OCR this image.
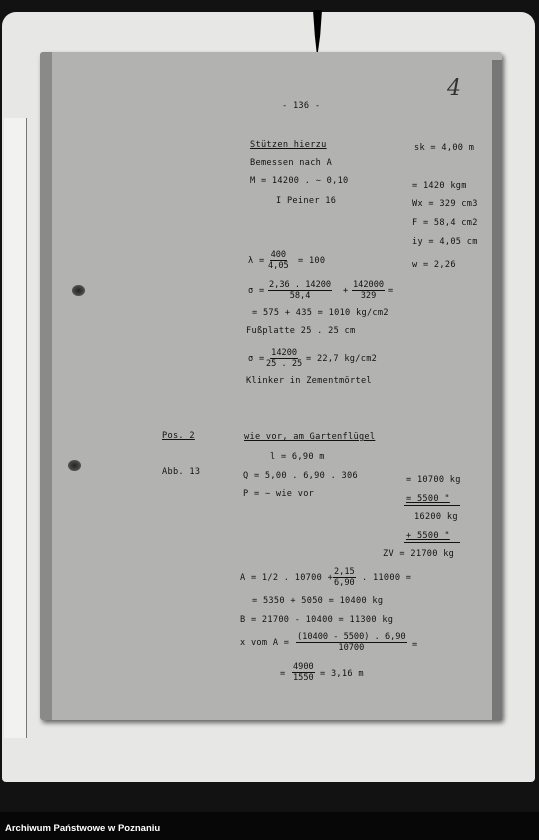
- 136 -
4
Stützen hierzu
Bemessen nach A
M = 14200 . ∼ 0,10
I Peiner 16
sk = 4,00 m
= 1420 kgm
Wx = 329 cm3
F = 58,4 cm2
iy = 4,05 cm
w = 2,26
$\lambda = \frac{400}{4,05} = 100$
$\sigma = \frac{2,36 . 14200}{58,4} + \frac{142000}{329}$ =
= 575 + 435 = 1010 kg/cm2
Fußplatte 25 . 25 cm
$\sigma = \frac{14200}{25 . 25} = 22,7$ kg/cm2
Klinker in Zementmörtel
Pos. 2	wie vor, am Gartenflügel
l = 6,90 m
Abb. 13	Q = 5,00 . 6,90 . 306
P = ∼ wie vor
= 10700 kg
= 5500 "
16200 kg
+ 5500 "
ZV = 21700 kg
A = 1/2 . $10700 + \frac{2,15}{6,90}$ . 11000 =
= 5350 + 5050 = 10400 kg
B = 21700 - 10400 = 11300 kg
x vom $A = \frac{(10400 - 5500) . 6,90}{10700}$ =
= $\frac{4900}{1550} = 3,16$ m
Archiwum Państwowe w Poznaniu
